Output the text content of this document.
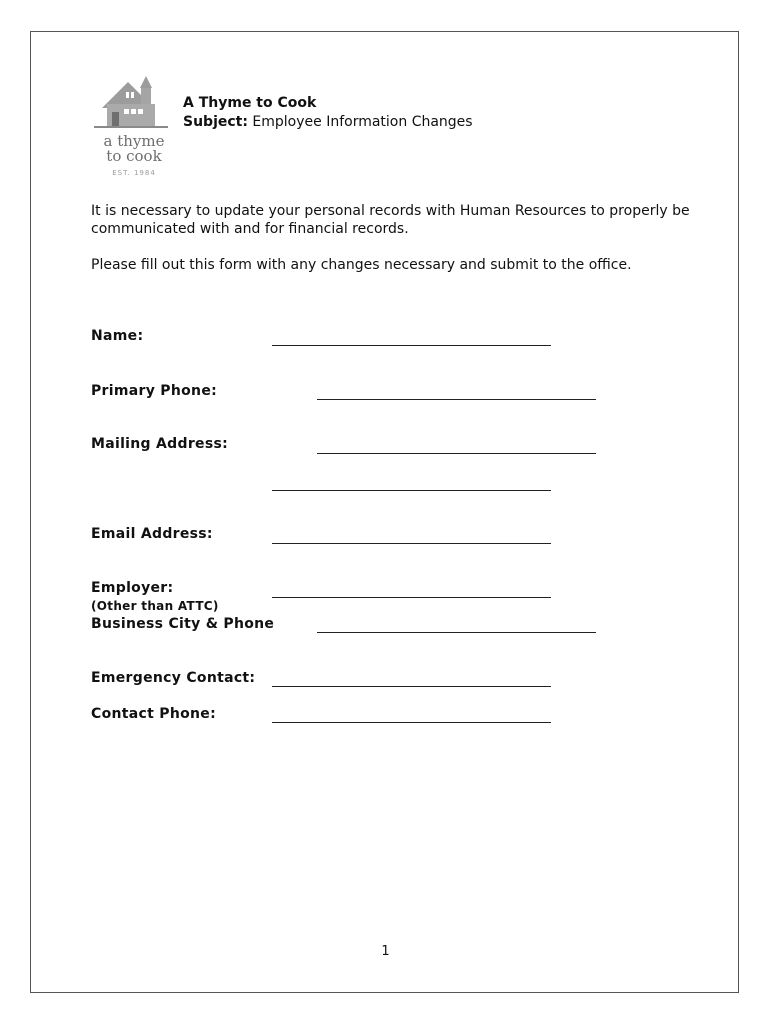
a thyme
to cook
EST. 1984
A Thyme to Cook
Subject: Employee Information Changes

It is necessary to update your personal records with Human Resources to properly be communicated with and for financial records.

Please fill out this form with any changes necessary and submit to the office.

Name:
Primary Phone:
Mailing Address:
Email Address:
Employer:
(Other than ATTC)
Business City & Phone
Emergency Contact:
Contact Phone:
1
